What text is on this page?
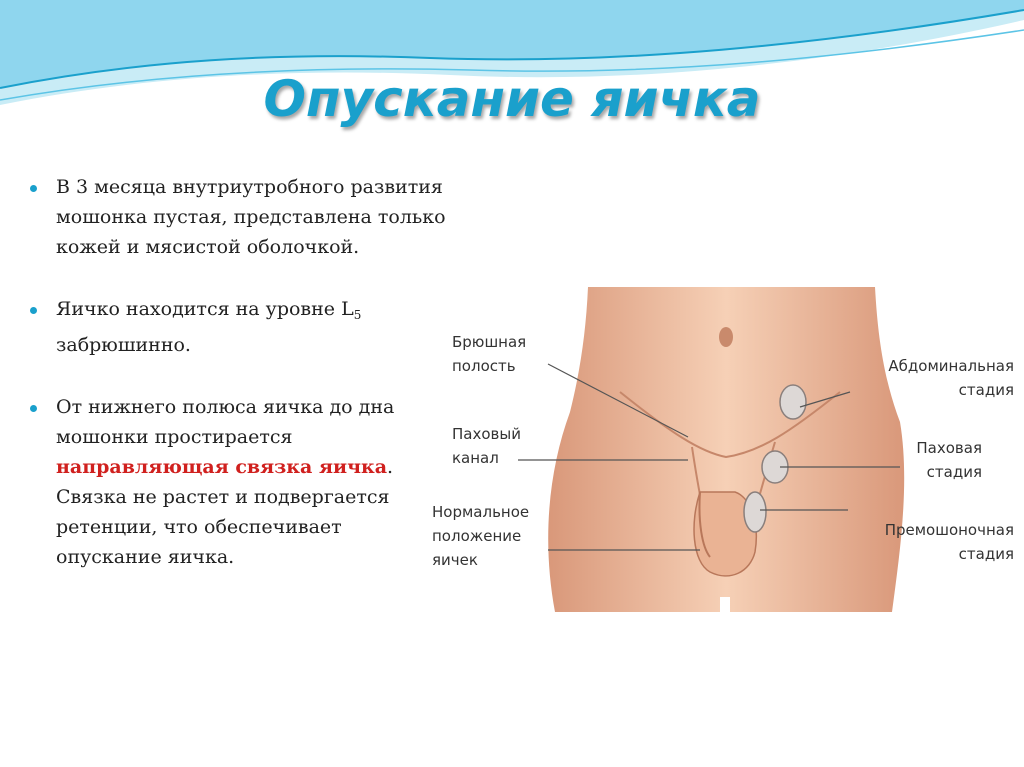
Опускание яичка
В 3 месяца внутриутробного развития мошонка пустая, представлена только кожей и мясистой оболочкой.
Яичко находится на уровне $L_5$ забрюшинно.
От нижнего полюса яичка до дна мошонки простирается направляющая связка яичка. Связка не растет и подвергается ретенции, что обеспечивает опускание яичка.
Брюшная
полость
Паховый
канал
Нормальное
положение
яичек
Абдоминальная
стадия
Паховая
стадия
Премошоночная
стадия
